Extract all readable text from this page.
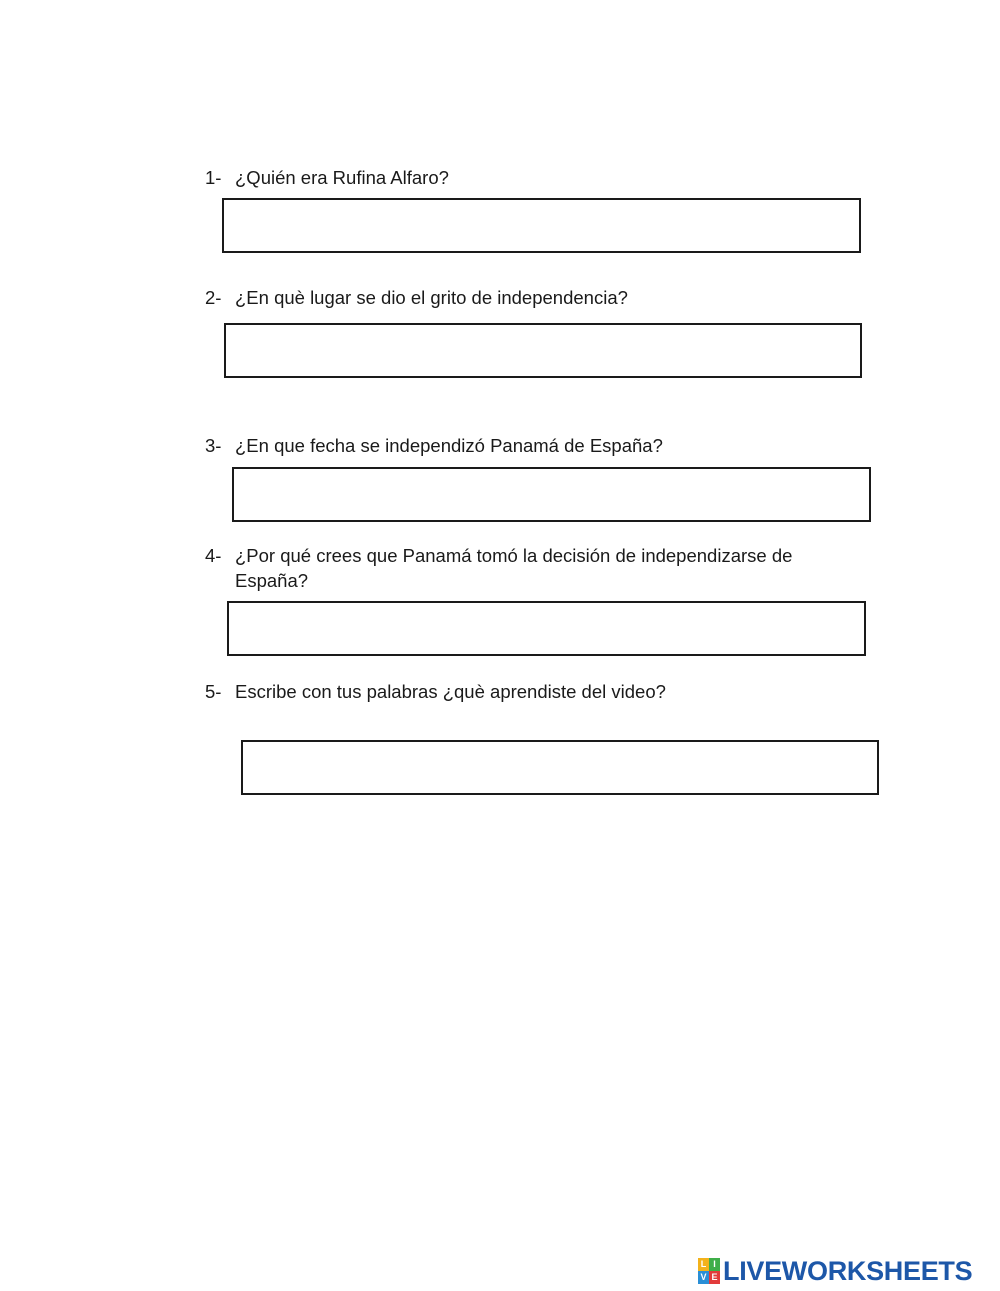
1- ¿Quién era Rufina Alfaro?
2- ¿En què lugar se dio el grito de independencia?
3- ¿En que fecha se independizó Panamá de España?
4- ¿Por qué crees que Panamá tomó la decisión de independizarse de España?
5- Escribe con tus palabras ¿què aprendiste del video?
L I
V E LIVEWORKSHEETS
